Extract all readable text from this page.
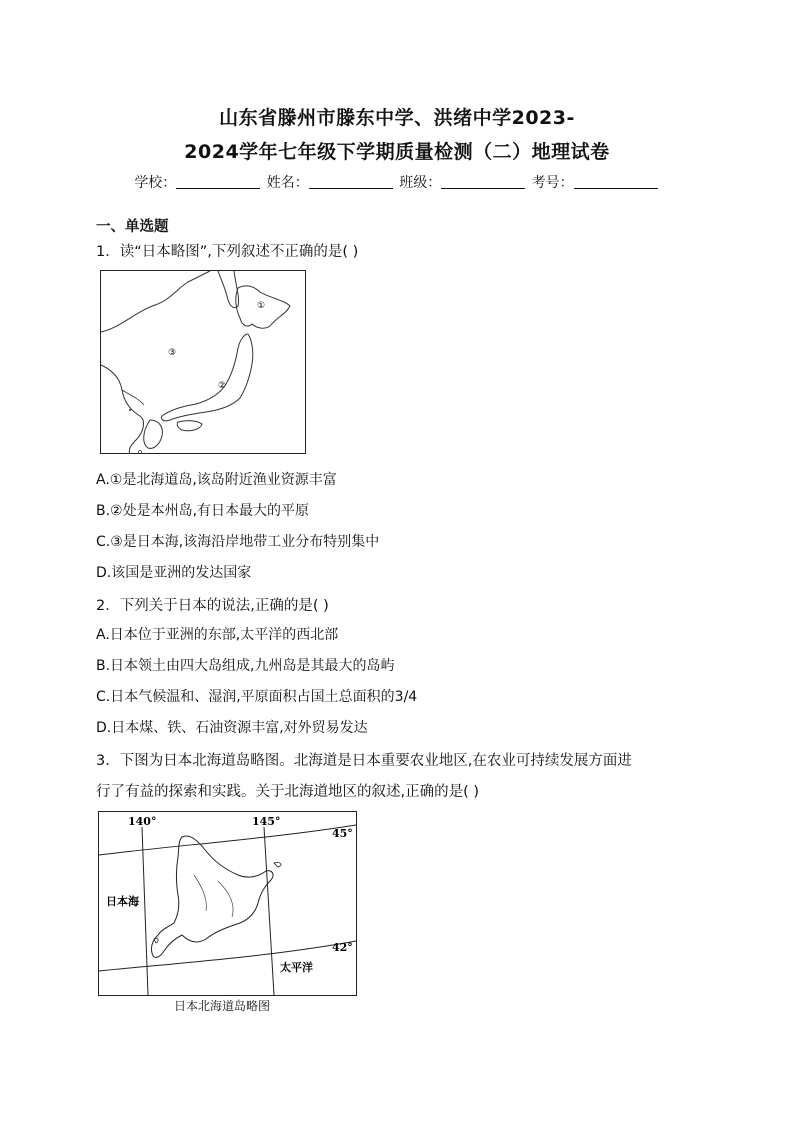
山东省滕州市滕东中学、洪绪中学2023-
2024学年七年级下学期质量检测（二）地理试卷
学校：	姓名：	班级：	考号：
一、单选题
1．读“日本略图”,下列叙述不正确的是( )
①
②
③
A.①是北海道岛,该岛附近渔业资源丰富
B.②处是本州岛,有日本最大的平原
C.③是日本海,该海沿岸地带工业分布特别集中
D.该国是亚洲的发达国家
2．下列关于日本的说法,正确的是( )
A.日本位于亚洲的东部,太平洋的西北部
B.日本领土由四大岛组成,九州岛是其最大的岛屿
C.日本气候温和、湿润,平原面积占国土总面积的3/4
D.日本煤、铁、石油资源丰富,对外贸易发达
3．下图为日本北海道岛略图。北海道是日本重要农业地区,在农业可持续发展方面进
行了有益的探索和实践。关于北海道地区的叙述,正确的是( )
140°	145°
45°
42°
日本海
太平洋
日本北海道岛略图
